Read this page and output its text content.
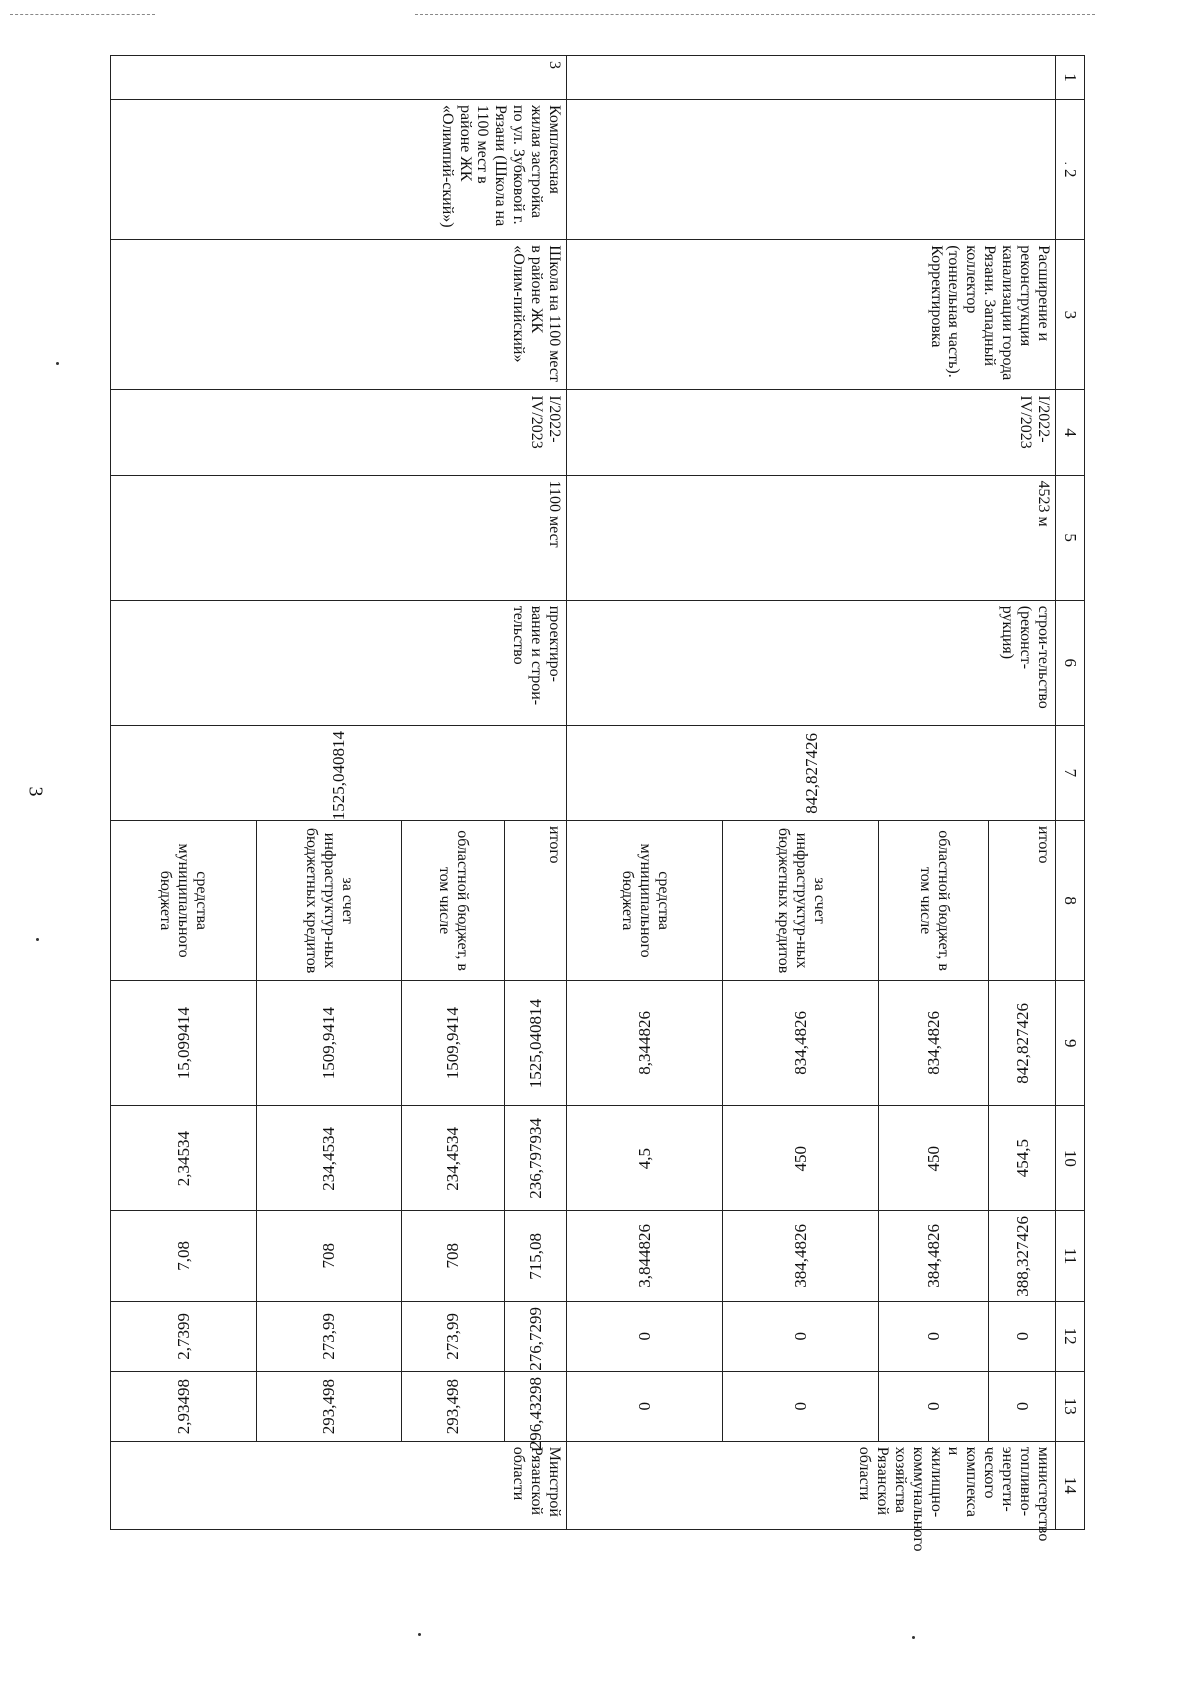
3
1	. 2	3	4	5	6	7	8	9	10	11	12	13	14
		Расширение и реконструкция канализации города Рязани. Западный коллектор (тоннельная часть). Корректировка	I/2022-IV/2023	4523 м	строи-тельство (реконст-рукция)	842,827426	итого	842,827426	454,5	388,327426	0	0	министерство топливно-энергети-ческого комплекса и жилищно-коммунального хозяйства Рязанской области
							областной бюджет, в том числе	834,4826	450	384,4826	0	0	
							за счет инфраструктур-ных бюджетных кредитов	834,4826	450	384,4826	0	0	
							средства муниципального бюджета	8,344826	4,5	3,844826	0	0	
3	Комплексная жилая застройка по ул. Зубковой г. Рязани (Школа на 1100 мест в районе ЖК «Олимпий-ский»)	Школа на 1100 мест в районе ЖК «Олим-пийский»	I/2022-IV/2023	1100 мест	проектиро-вание и строи-тельство	1525,040814	итого	1525,040814	236,797934	715,08	276,7299	296,43298	Минстрой Рязанской области
							областной бюджет, в том числе	1509,9414	234,4534	708	273,99	293,498	
							за счет инфраструктур-ных бюджетных кредитов	1509,9414	234,4534	708	273,99	293,498	
							средства муниципального бюджета	15,099414	2,34534	7,08	2,7399	2,93498	
